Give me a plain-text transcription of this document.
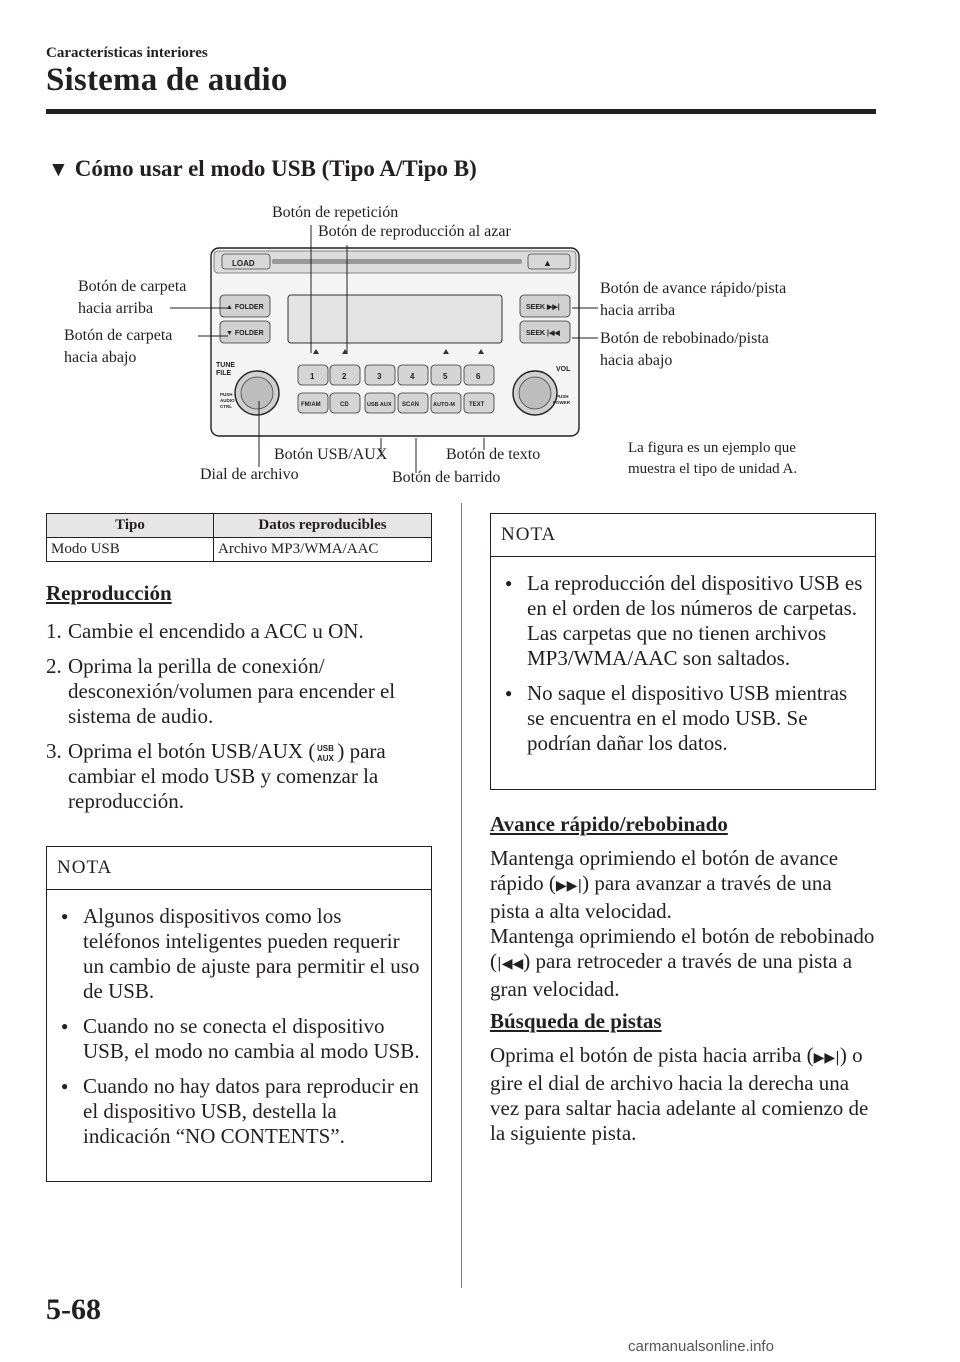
Características interiores
Sistema de audio
▼ Cómo usar el modo USB (Tipo A/Tipo B)
LOAD	▲
▲ FOLDER
▼ FOLDER
SEEK ▶▶|
SEEK |◀◀
TUNE
FILE
PUSH
AUDIO
CTRL
VOL
PUSH
POWER
1	2	3	4	5	6
FM/AM	CD	USB AUX SCAN	AUTO-M TEXT
Botón de repetición
Botón de reproducción al azar
Botón de carpeta
hacia arriba
Botón de carpeta
hacia abajo
Botón de avance rápido/pista
hacia arriba
Botón de rebobinado/pista
hacia abajo
Botón USB/AUX	Botón de texto
Dial de archivo	Botón de barrido
La figura es un ejemplo que
muestra el tipo de unidad A.
Tipo	Datos reproducibles
Modo USB	Archivo MP3/WMA/AAC
Reproducción
1. Cambie el encendido a ACC u ON.
2. Oprima la perilla de conexión/ desconexión/volumen para encender el sistema de audio.
3. Oprima el botón USB/AUX ( USB
AUX ) para cambiar el modo USB y comenzar la reproducción.
NOTA
● Algunos dispositivos como los teléfonos inteligentes pueden requerir un cambio de ajuste para permitir el uso de USB.
● Cuando no se conecta el dispositivo USB, el modo no cambia al modo USB.
● Cuando no hay datos para reproducir en el dispositivo USB, destella la indicación “NO CONTENTS”.
NOTA
● La reproducción del dispositivo USB es en el orden de los números de carpetas. Las carpetas que no tienen archivos MP3/WMA/AAC son saltados.
● No saque el dispositivo USB mientras se encuentra en el modo USB. Se podrían dañar los datos.
Avance rápido/rebobinado
Mantenga oprimiendo el botón de avance rápido (▶▶|) para avanzar a través de una pista a alta velocidad.
Mantenga oprimiendo el botón de rebobinado (|◀◀) para retroceder a través de una pista a gran velocidad.
Búsqueda de pistas
Oprima el botón de pista hacia arriba (▶▶|) o gire el dial de archivo hacia la derecha una vez para saltar hacia adelante al comienzo de la siguiente pista.
5-68
carmanualsonline.info
